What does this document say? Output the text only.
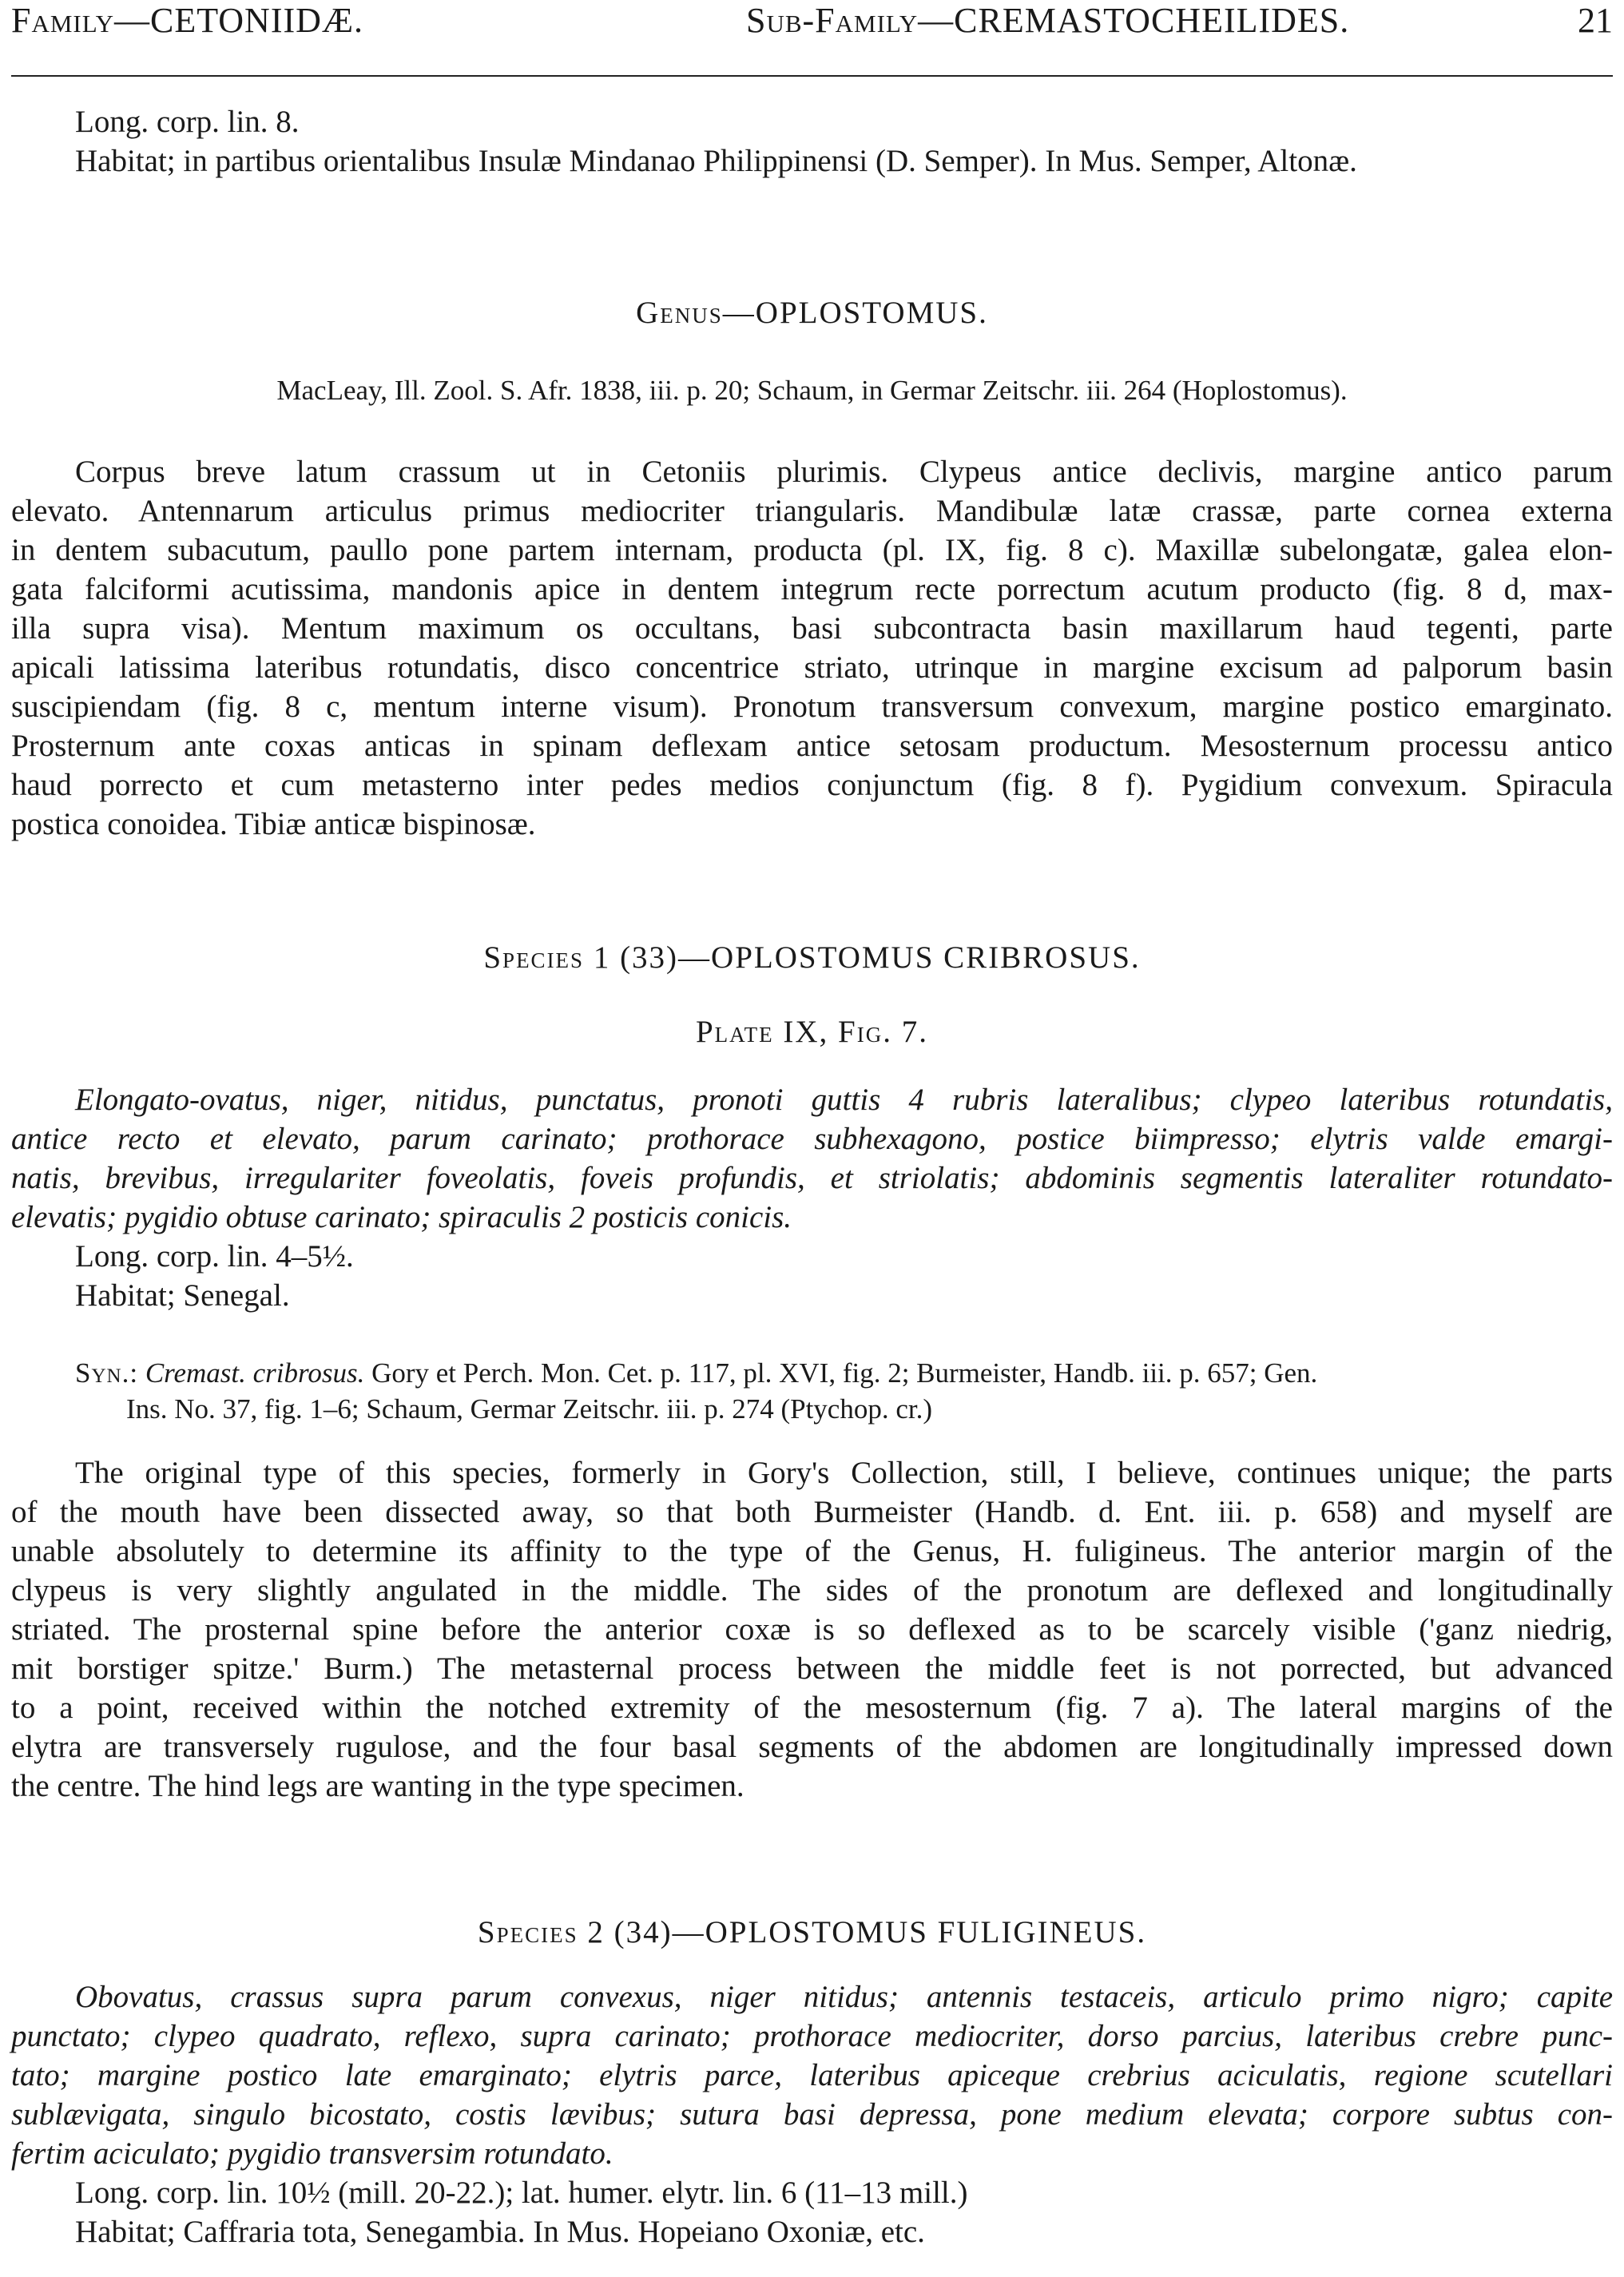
Family—CETONIIDÆ.	Sub-Family—CREMASTOCHEILIDES.	21
Long. corp. lin. 8.
Habitat; in partibus orientalibus Insulæ Mindanao Philippinensi (D. Semper). In Mus. Semper, Altonæ.
Genus—OPLOSTOMUS.
MacLeay, Ill. Zool. S. Afr. 1838, iii. p. 20; Schaum, in Germar Zeitschr. iii. 264 (Hoplostomus).
Corpus breve latum crassum ut in Cetoniis plurimis. Clypeus antice declivis, margine antico parum
elevato. Antennarum articulus primus mediocriter triangularis. Mandibulæ latæ crassæ, parte cornea externa
in dentem subacutum, paullo pone partem internam, producta (pl. IX, fig. 8 c). Maxillæ subelongatæ, galea elon-
gata falciformi acutissima, mandonis apice in dentem integrum recte porrectum acutum producto (fig. 8 d, max-
illa supra visa). Mentum maximum os occultans, basi subcontracta basin maxillarum haud tegenti, parte
apicali latissima lateribus rotundatis, disco concentrice striato, utrinque in margine excisum ad palporum basin
suscipiendam (fig. 8 c, mentum interne visum). Pronotum transversum convexum, margine postico emarginato.
Prosternum ante coxas anticas in spinam deflexam antice setosam productum. Mesosternum processu antico
haud porrecto et cum metasterno inter pedes medios conjunctum (fig. 8 f). Pygidium convexum. Spiracula
postica conoidea. Tibiæ anticæ bispinosæ.
Species 1 (33)—OPLOSTOMUS CRIBROSUS.
Plate IX, Fig. 7.
Elongato-ovatus, niger, nitidus, punctatus, pronoti guttis 4 rubris lateralibus; clypeo lateribus rotundatis,
antice recto et elevato, parum carinato; prothorace subhexagono, postice biimpresso; elytris valde emargi-
natis, brevibus, irregulariter foveolatis, foveis profundis, et striolatis; abdominis segmentis lateraliter rotundato-
elevatis; pygidio obtuse carinato; spiraculis 2 posticis conicis.
Long. corp. lin. 4–5½.
Habitat; Senegal.
Syn.: Cremast. cribrosus. Gory et Perch. Mon. Cet. p. 117, pl. XVI, fig. 2; Burmeister, Handb. iii. p. 657; Gen.
Ins. No. 37, fig. 1–6; Schaum, Germar Zeitschr. iii. p. 274 (Ptychop. cr.)
The original type of this species, formerly in Gory's Collection, still, I believe, continues unique; the parts
of the mouth have been dissected away, so that both Burmeister (Handb. d. Ent. iii. p. 658) and myself are
unable absolutely to determine its affinity to the type of the Genus, H. fuligineus. The anterior margin of the
clypeus is very slightly angulated in the middle. The sides of the pronotum are deflexed and longitudinally
striated. The prosternal spine before the anterior coxæ is so deflexed as to be scarcely visible ('ganz niedrig,
mit borstiger spitze.' Burm.) The metasternal process between the middle feet is not porrected, but advanced
to a point, received within the notched extremity of the mesosternum (fig. 7 a). The lateral margins of the
elytra are transversely rugulose, and the four basal segments of the abdomen are longitudinally impressed down
the centre. The hind legs are wanting in the type specimen.
Species 2 (34)—OPLOSTOMUS FULIGINEUS.
Obovatus, crassus supra parum convexus, niger nitidus; antennis testaceis, articulo primo nigro; capite
punctato; clypeo quadrato, reflexo, supra carinato; prothorace mediocriter, dorso parcius, lateribus crebre punc-
tato; margine postico late emarginato; elytris parce, lateribus apiceque crebrius aciculatis, regione scutellari
sublævigata, singulo bicostato, costis lævibus; sutura basi depressa, pone medium elevata; corpore subtus con-
fertim aciculato; pygidio transversim rotundato.
Long. corp. lin. 10½ (mill. 20-22.); lat. humer. elytr. lin. 6 (11–13 mill.)
Habitat; Caffraria tota, Senegambia. In Mus. Hopeiano Oxoniæ, etc.
